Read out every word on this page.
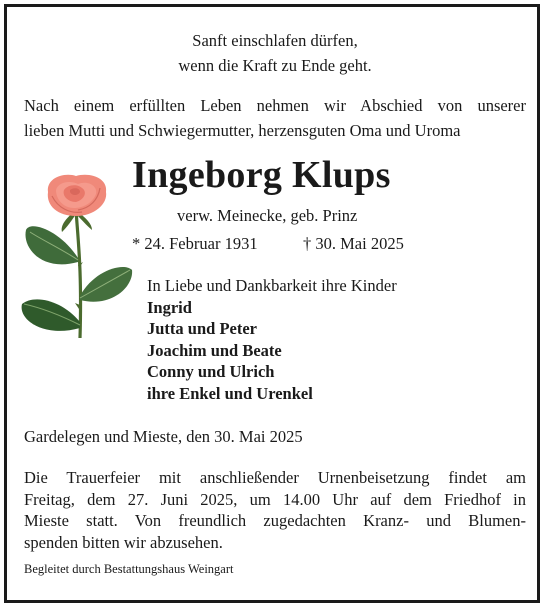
Sanft einschlafen dürfen,
wenn die Kraft zu Ende geht.
Nach einem erfüllten Leben nehmen wir Abschied von unserer
lieben Mutti und Schwiegermutter, herzensguten Oma und Uroma
Ingeborg Klups
verw. Meinecke, geb. Prinz
* 24. Februar 1931	† 30. Mai 2025
In Liebe und Dankbarkeit ihre Kinder
Ingrid
Jutta und Peter
Joachim und Beate
Conny und Ulrich
ihre Enkel und Urenkel
Gardelegen und Mieste, den 30. Mai 2025
Die Trauerfeier mit anschließender Urnenbeisetzung findet am
Freitag, dem 27. Juni 2025, um 14.00 Uhr auf dem Friedhof in
Mieste statt. Von freundlich zugedachten Kranz- und Blumen-
spenden bitten wir abzusehen.
Begleitet durch Bestattungshaus Weingart
